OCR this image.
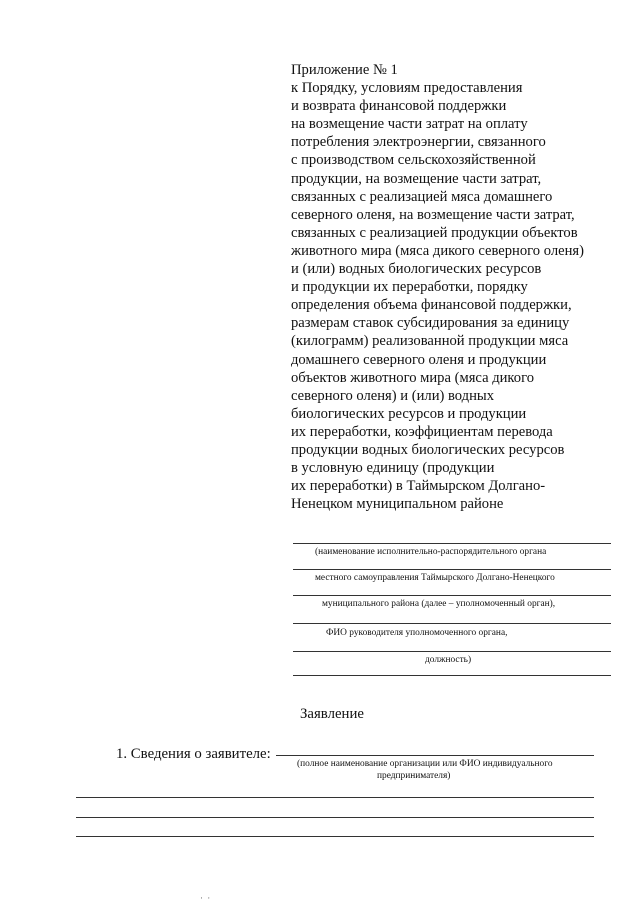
Приложение № 1
к Порядку, условиям предоставления
и возврата финансовой поддержки
на возмещение части затрат на оплату
потребления электроэнергии, связанного
с производством сельскохозяйственной
продукции, на возмещение части затрат,
связанных с реализацией мяса домашнего
северного оленя, на возмещение части затрат,
связанных с реализацией продукции объектов
животного мира (мяса дикого северного оленя)
и (или) водных биологических ресурсов
и продукции их переработки, порядку
определения объема финансовой поддержки,
размерам ставок субсидирования за единицу
(килограмм) реализованной продукции мяса
домашнего северного оленя и продукции
объектов животного мира (мяса дикого
северного оленя) и (или) водных
биологических ресурсов и продукции
их переработки, коэффициентам перевода
продукции водных биологических ресурсов
в условную единицу (продукции
их переработки) в Таймырском Долгано-
Ненецком муниципальном районе
(наименование исполнительно-распорядительного органа
местного самоуправления Таймырского Долгано-Ненецкого
муниципального района (далее – уполномоченный орган),
ФИО руководителя уполномоченного органа,
должность)
Заявление
1. Сведения о заявителе:
(полное наименование организации или ФИО индивидуального
предпринимателя)
· ·
